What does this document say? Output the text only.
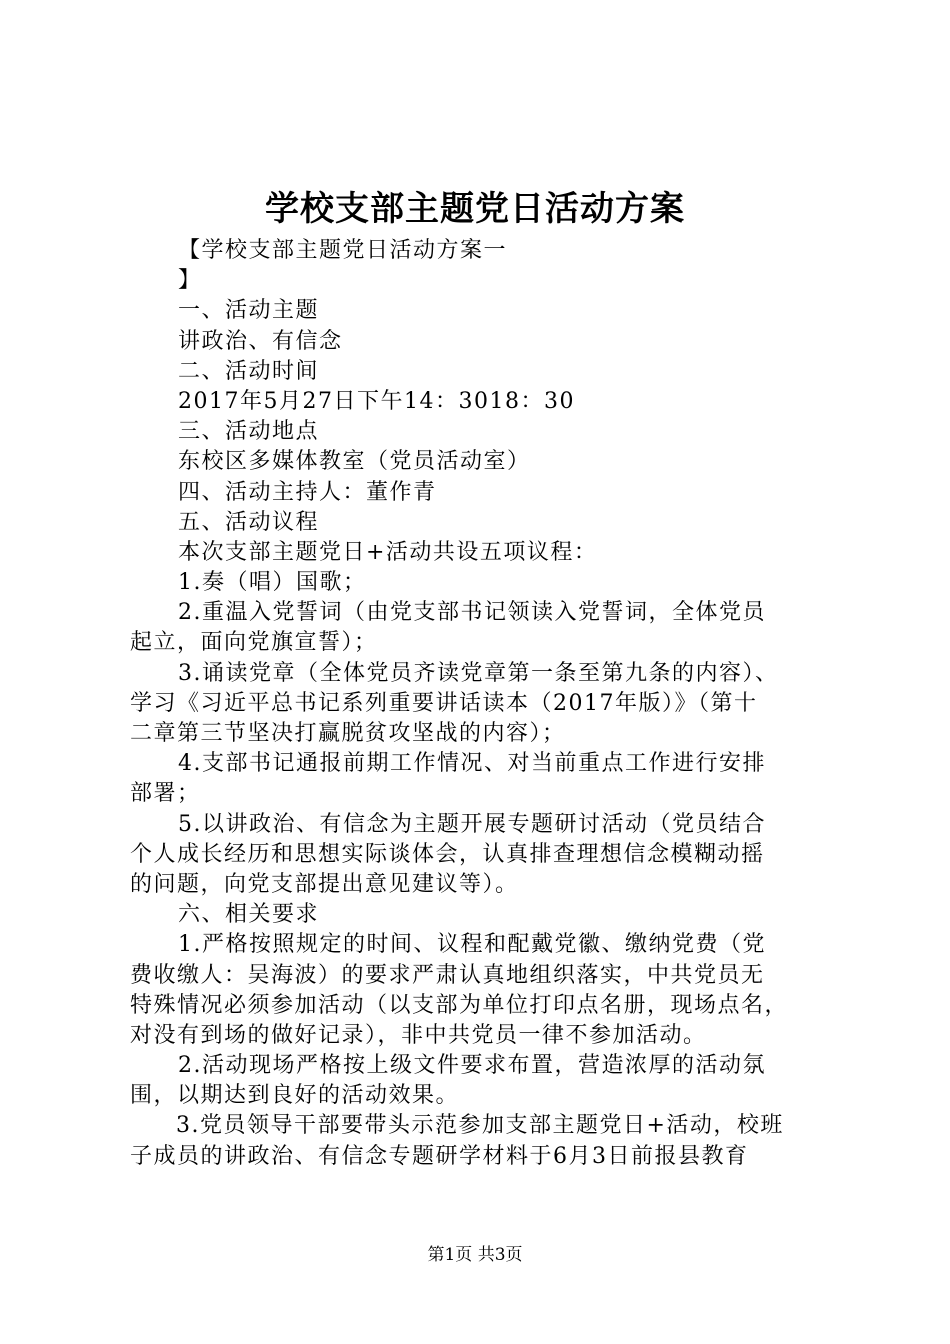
学校支部主题党日活动方案
【学校支部主题党日活动方案一
】
一、活动主题
讲政治、有信念
二、活动时间
2017年5月27日下午14：3018：30
三、活动地点
东校区多媒体教室（党员活动室）
四、活动主持人：董作青
五、活动议程
本次支部主题党日+活动共设五项议程：
1.奏（唱）国歌；
2.重温入党誓词（由党支部书记领读入党誓词，全体党员
起立，面向党旗宣誓）；
3.诵读党章（全体党员齐读党章第一条至第九条的内容）、
学习《习近平总书记系列重要讲话读本（2017年版）》（第十
二章第三节坚决打赢脱贫攻坚战的内容）；
4.支部书记通报前期工作情况、对当前重点工作进行安排
部署；
5.以讲政治、有信念为主题开展专题研讨活动（党员结合
个人成长经历和思想实际谈体会，认真排查理想信念模糊动摇
的问题，向党支部提出意见建议等）。
六、相关要求
1.严格按照规定的时间、议程和配戴党徽、缴纳党费（党
费收缴人：吴海波）的要求严肃认真地组织落实，中共党员无
特殊情况必须参加活动（以支部为单位打印点名册，现场点名，
对没有到场的做好记录），非中共党员一律不参加活动。
2.活动现场严格按上级文件要求布置，营造浓厚的活动氛
围，以期达到良好的活动效果。
3.党员领导干部要带头示范参加支部主题党日+活动，校班
子成员的讲政治、有信念专题研学材料于6月3日前报县教育
第1页 共3页
